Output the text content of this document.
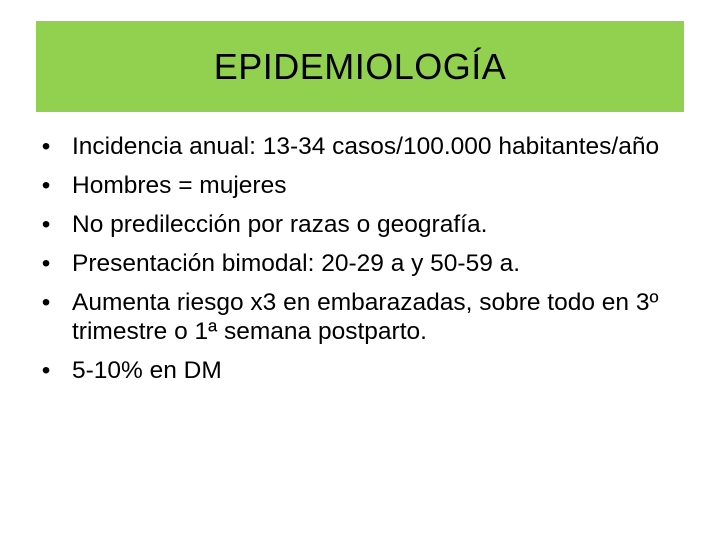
EPIDEMIOLOGÍA
• Incidencia anual: 13-34 casos/100.000 habitantes/año
• Hombres = mujeres
• No predilección por razas o geografía.
• Presentación bimodal: 20-29 a y 50-59 a.
• Aumenta riesgo x3 en embarazadas, sobre todo en 3º trimestre o 1ª semana postparto.
• 5-10% en DM
